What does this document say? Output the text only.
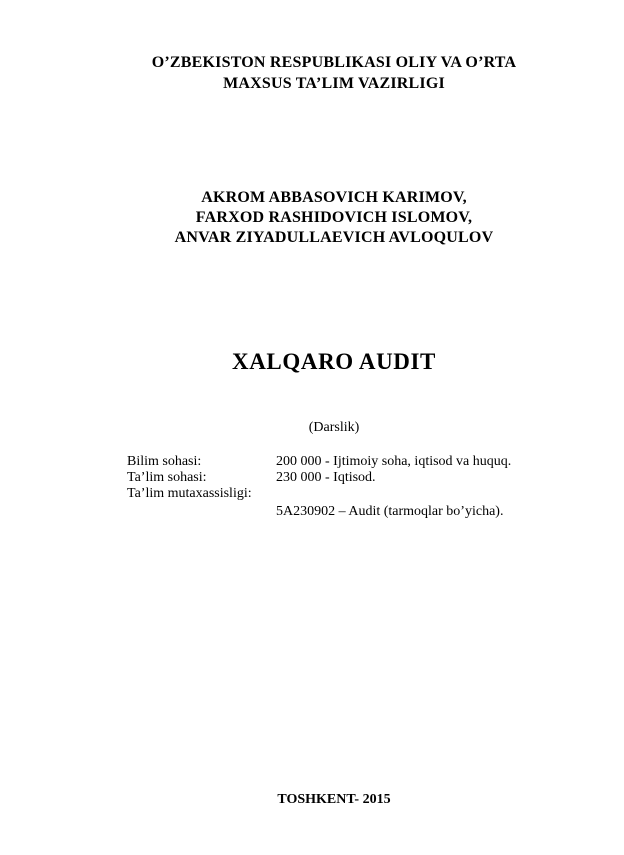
O’ZBEKISTON RESPUBLIKASI OLIY VA O’RTA
MAXSUS TA’LIM VAZIRLIGI
AKROM ABBASOVICH KARIMOV,
FARXOD RASHIDOVICH ISLOMOV,
ANVAR ZIYADULLAEVICH AVLOQULOV
XALQARO AUDIT
(Darslik)
Bilim sohasi:	200 000 - Ijtimoiy soha, iqtisod va huquq.
Ta’lim sohasi:	230 000 - Iqtisod.
Ta’lim mutaxassisligi:
5A230902 – Audit (tarmoqlar bo’yicha).
TOSHKENT- 2015
